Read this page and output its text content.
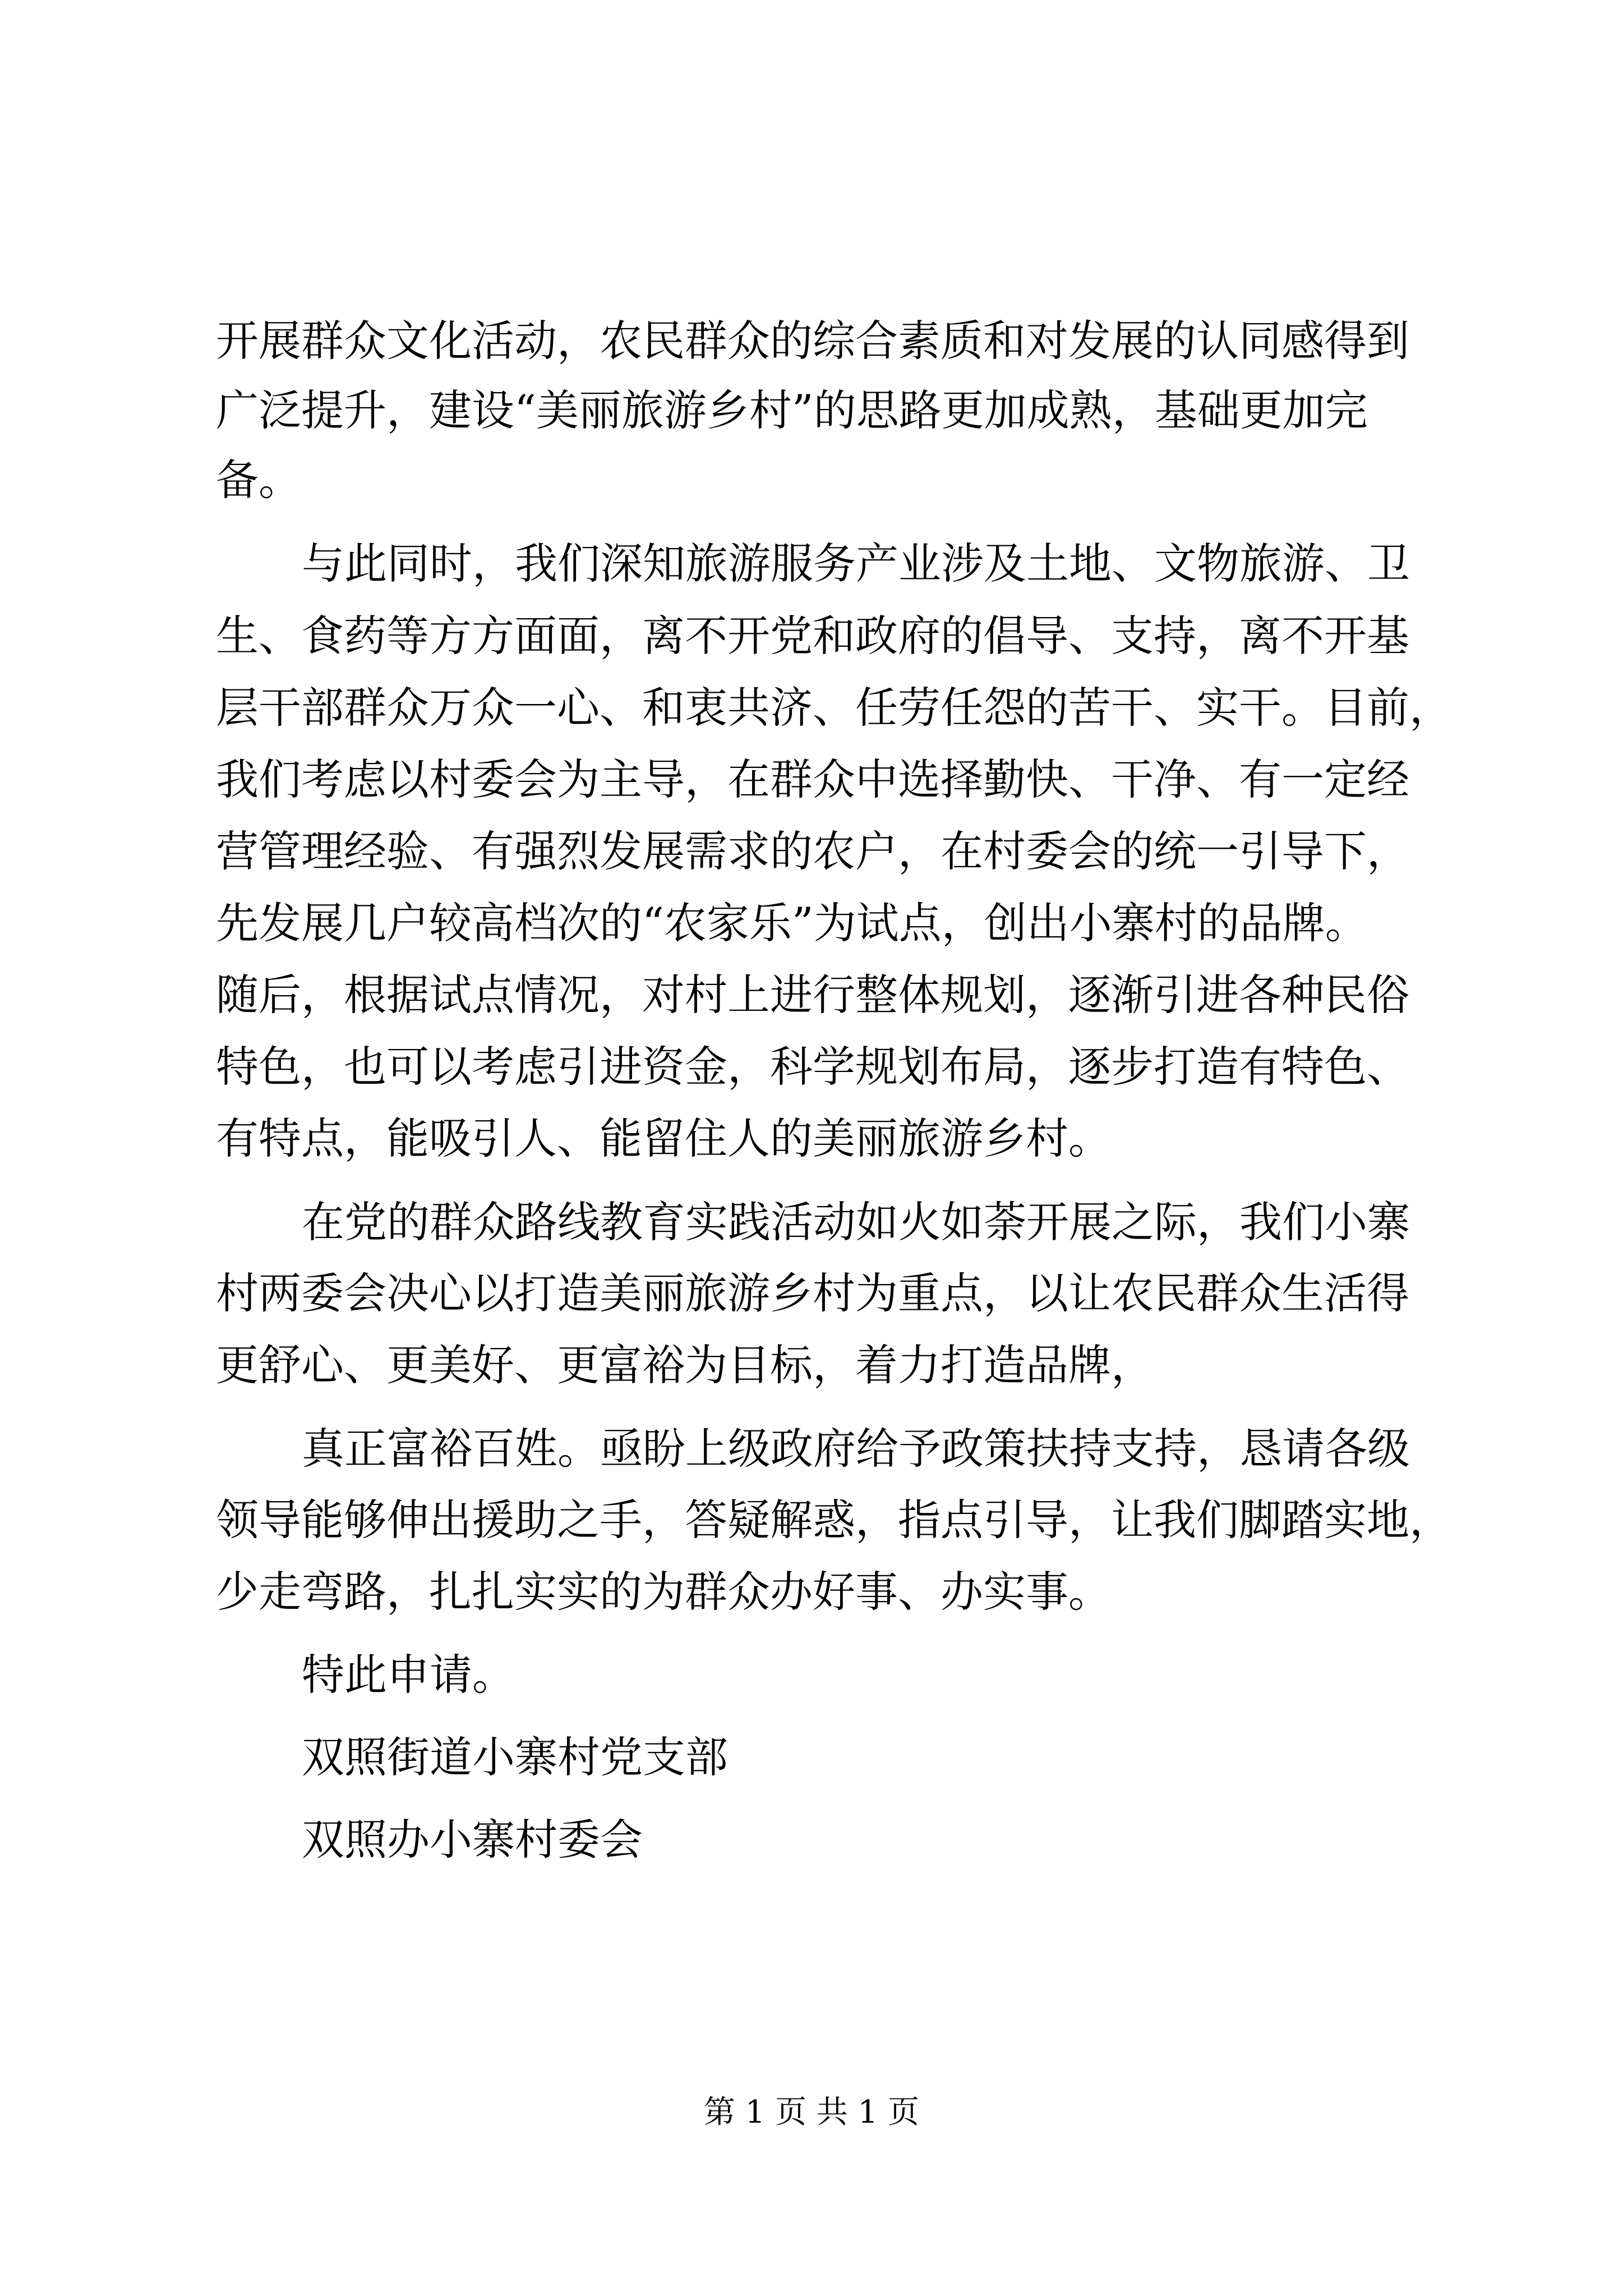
开展群众文化活动，农民群众的综合素质和对发展的认同感得到
广泛提升，建设“美丽旅游乡村”的思路更加成熟，基础更加完
备。
与此同时，我们深知旅游服务产业涉及土地、文物旅游、卫
生、食药等方方面面，离不开党和政府的倡导、支持，离不开基
层干部群众万众一心、和衷共济、任劳任怨的苦干、实干。目前，
我们考虑以村委会为主导，在群众中选择勤快、干净、有一定经
营管理经验、有强烈发展需求的农户，在村委会的统一引导下，
先发展几户较高档次的“农家乐”为试点，创出小寨村的品牌。
随后，根据试点情况，对村上进行整体规划，逐渐引进各种民俗
特色，也可以考虑引进资金，科学规划布局，逐步打造有特色、
有特点，能吸引人、能留住人的美丽旅游乡村。
在党的群众路线教育实践活动如火如荼开展之际，我们小寨
村两委会决心以打造美丽旅游乡村为重点，以让农民群众生活得
更舒心、更美好、更富裕为目标，着力打造品牌，
真正富裕百姓。亟盼上级政府给予政策扶持支持，恳请各级
领导能够伸出援助之手，答疑解惑，指点引导，让我们脚踏实地，
少走弯路，扎扎实实的为群众办好事、办实事。
特此申请。
双照街道小寨村党支部
双照办小寨村委会
第 1 页 共 1 页
